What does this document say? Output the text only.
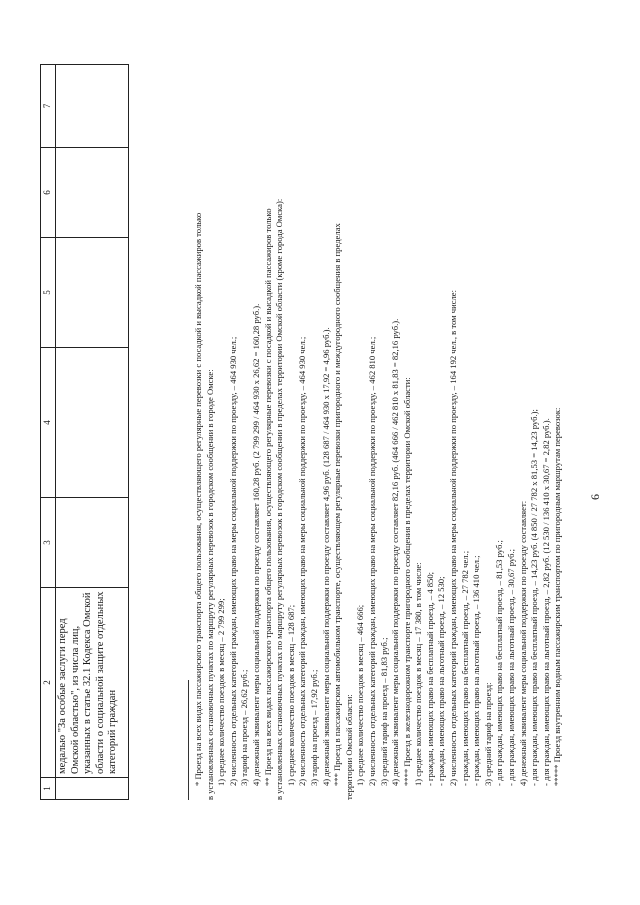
6
1	2	3	4	5	6	7
	медалью "За особые заслуги перед Омской областью", из числа лиц, указанных в статье 32.1 Кодекса Омской области о социальной защите отдельных категорий граждан						* Проезд на всех видах пассажирского транспорта общего пользования, осуществляющего регулярные перевозки с посадкой и высадкой пассажиров только в установленных остановочных пунктах по маршруту регулярных перевозок в городском сообщении в городе Омске: 1) среднее количество поездок в месяц – 2 799 299; 2) численность отдельных категорий граждан, имеющих право на меры социальной поддержки по проезду, – 464 930 чел.; 3) тариф на проезд – 26,62 руб.; 4) денежный эквивалент меры социальной поддержки по проезду составляет 160,28 руб. (2 799 299 / 464 930 x 26,62 = 160,28 руб.). ** Проезд на всех видах пассажирского транспорта общего пользования, осуществляющего регулярные перевозки с посадкой и высадкой пассажиров только в установленных остановочных пунктах по маршруту регулярных перевозок в городском сообщении в пределах территории Омской области (кроме города Омска): 1) среднее количество поездок в месяц – 128 687; 2) численность отдельных категорий граждан, имеющих право на меры социальной поддержки по проезду, – 464 930 чел.; 3) тариф на проезд – 17,92 руб.; 4) денежный эквивалент меры социальной поддержки по проезду составляет 4,96 руб. (128 687 / 464 930 x 17,92 = 4,96 руб.). *** Проезд в пассажирском автомобильном транспорте, осуществляющем регулярные перевозки пригородного и междугородного сообщения в пределах территории Омской области: 1) среднее количество поездок в месяц – 464 666; 2) численность отдельных категорий граждан, имеющих право на меры социальной поддержки по проезду, – 462 810 чел.; 3) средний тариф на проезд – 81,83 руб.; 4) денежный эквивалент меры социальной поддержки по проезду составляет 82,16 руб. (464 666 / 462 810 x 81,83 = 82,16 руб.). **** Проезд в железнодорожном транспорте пригородного сообщения в пределах территории Омской области: 1) среднее количество поездок в месяц – 17 380, в том числе: - граждан, имеющих право на бесплатный проезд, – 4 850; - граждан, имеющих право на льготный проезд, – 12 530; 2) численность отдельных категорий граждан, имеющих право на меры социальной поддержки по проезду, – 164 192 чел., в том числе: - граждан, имеющих право на бесплатный проезд, – 27 782 чел.; - граждан, имеющих право на льготный проезд, – 136 410 чел.; 3) средний тариф на проезд: - для граждан, имеющих право на бесплатный проезд, – 81,53 руб.; - для граждан, имеющих право на льготный проезд, – 30,67 руб.; 4) денежный эквивалент меры социальной поддержки по проезду составляет: - для граждан, имеющих право на бесплатный проезд, – 14,23 руб. (4 850 / 27 782 x 81,53 = 14,23 руб.); - для граждан, имеющих право на льготный проезд, – 2,82 руб. (12 530 / 136 410 x 30,67 = 2,82 руб.). ***** Проезд внутренним водным пассажирским транспортом по пригородным маршрутам перевозок:
